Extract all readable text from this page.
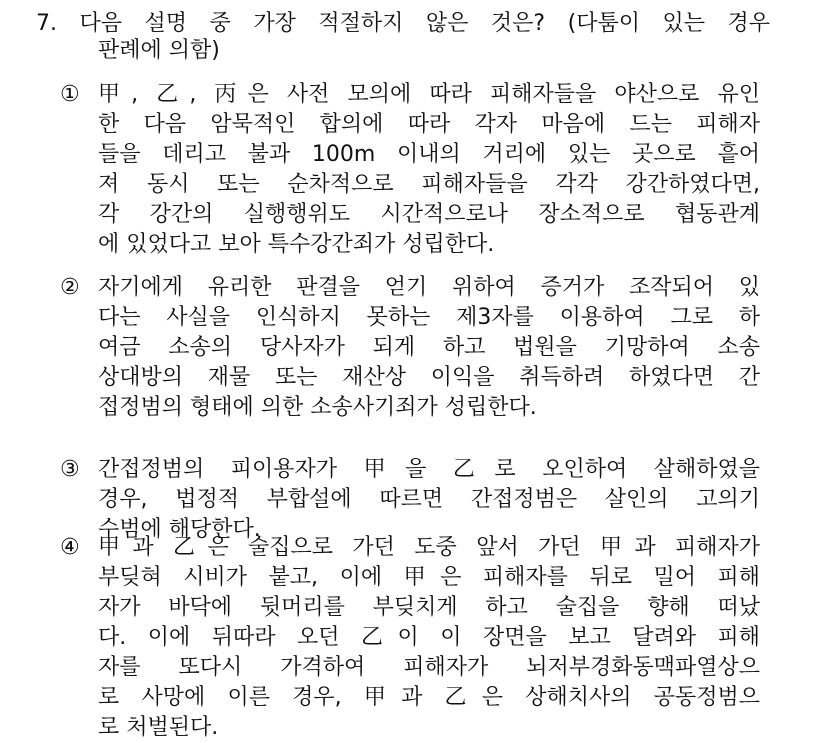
7. 다음 설명 중 가장 적절하지 않은 것은? (다툼이 있는 경우
판례에 의함)
① 甲, 乙, 丙은 사전 모의에 따라 피해자들을 야산으로 유인
한 다음 암묵적인 합의에 따라 각자 마음에 드는 피해자
들을 데리고 불과 100m 이내의 거리에 있는 곳으로 흩어
져 동시 또는 순차적으로 피해자들을 각각 강간하였다면,
각 강간의 실행행위도 시간적으로나 장소적으로 협동관계
에 있었다고 보아 특수강간죄가 성립한다.
② 자기에게 유리한 판결을 얻기 위하여 증거가 조작되어 있
다는 사실을 인식하지 못하는 제3자를 이용하여 그로 하
여금 소송의 당사자가 되게 하고 법원을 기망하여 소송
상대방의 재물 또는 재산상 이익을 취득하려 하였다면 간
접정범의 형태에 의한 소송사기죄가 성립한다.
③ 간접정범의 피이용자가 甲을 乙로 오인하여 살해하였을
경우, 법정적 부합설에 따르면 간접정범은 살인의 고의기
수범에 해당한다.
④ 甲과 乙은 술집으로 가던 도중 앞서 가던 甲과 피해자가
부딪혀 시비가 붙고, 이에 甲은 피해자를 뒤로 밀어 피해
자가 바닥에 뒷머리를 부딪치게 하고 술집을 향해 떠났
다. 이에 뒤따라 오던 乙이 이 장면을 보고 달려와 피해
자를 또다시 가격하여 피해자가 뇌저부경화동맥파열상으
로 사망에 이른 경우, 甲과 乙은 상해치사의 공동정범으
로 처벌된다.
